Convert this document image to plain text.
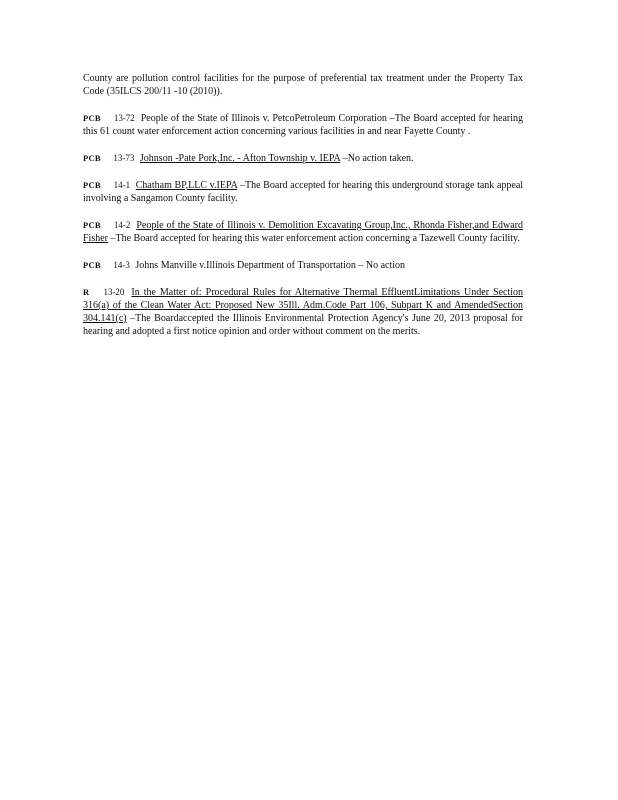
County are pollution control facilities for the purpose of preferential tax treatment under the Property Tax Code (35ILCS 200/11 -10 (2010)).

PCB 13-72 People of the State of Illinois v. PetcoPetroleum Corporation –The Board accepted for hearing this 61 count water enforcement action concerning various facilities in and near Fayette County .

PCB 13-73 Johnson -Pate Pork,Inc. - Afton Township v. IEPA –No action taken.

PCB 14-1 Chatham BP,LLC v.IEPA –The Board accepted for hearing this underground storage tank appeal involving a Sangamon County facility.

PCB 14-2 People of the State of Illinois v. Demolition Excavating Group,Inc., Rhonda Fisher,and Edward Fisher –The Board accepted for hearing this water enforcement action concerning a Tazewell County facility.

PCB 14-3 Johns Manville v.Illinois Department of Transportation – No action

R 13-20 In the Matter of: Procedural Rules for Alternative Thermal EffluentLimitations Under Section 316(a) of the Clean Water Act: Proposed New 35Ill. Adm.Code Part 106, Subpart K and AmendedSection 304.141(c) –The Boardaccepted the Illinois Environmental Protection Agency's June 20, 2013 proposal for hearing and adopted a first notice opinion and order without comment on the merits.
